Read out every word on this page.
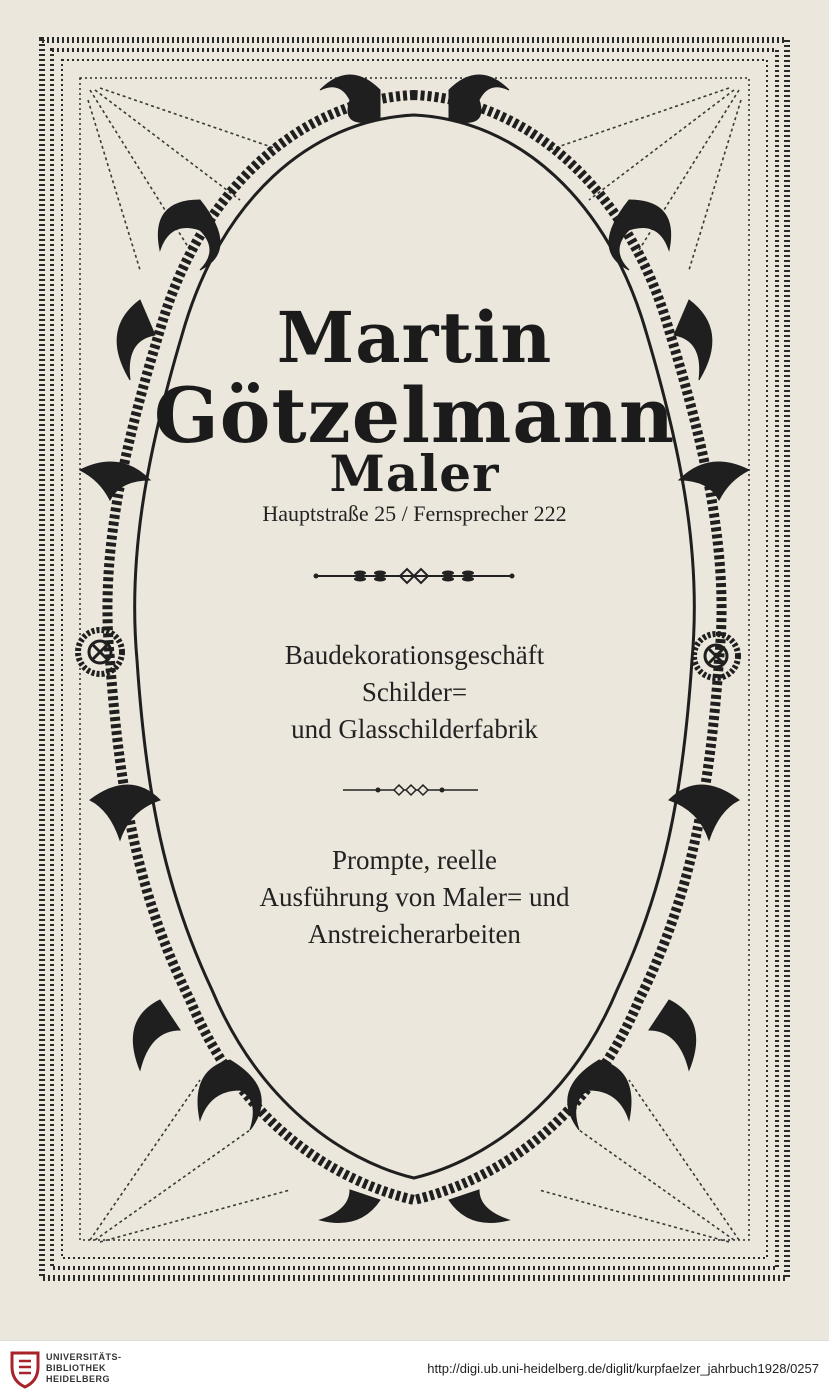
Martin
Götzelmann
Maler

Hauptstraße 25 / Fernsprecher 222

Baudekorationsgeschäft
Schilder=
und Glasschilderfabrik
Prompte, reelle
Ausführung von Maler= und
Anstreicherarbeiten
UNIVERSITÄTS-
BIBLIOTHEK
HEIDELBERG
http://digi.ub.uni-heidelberg.de/diglit/kurpfaelzer_jahrbuch1928/0257
